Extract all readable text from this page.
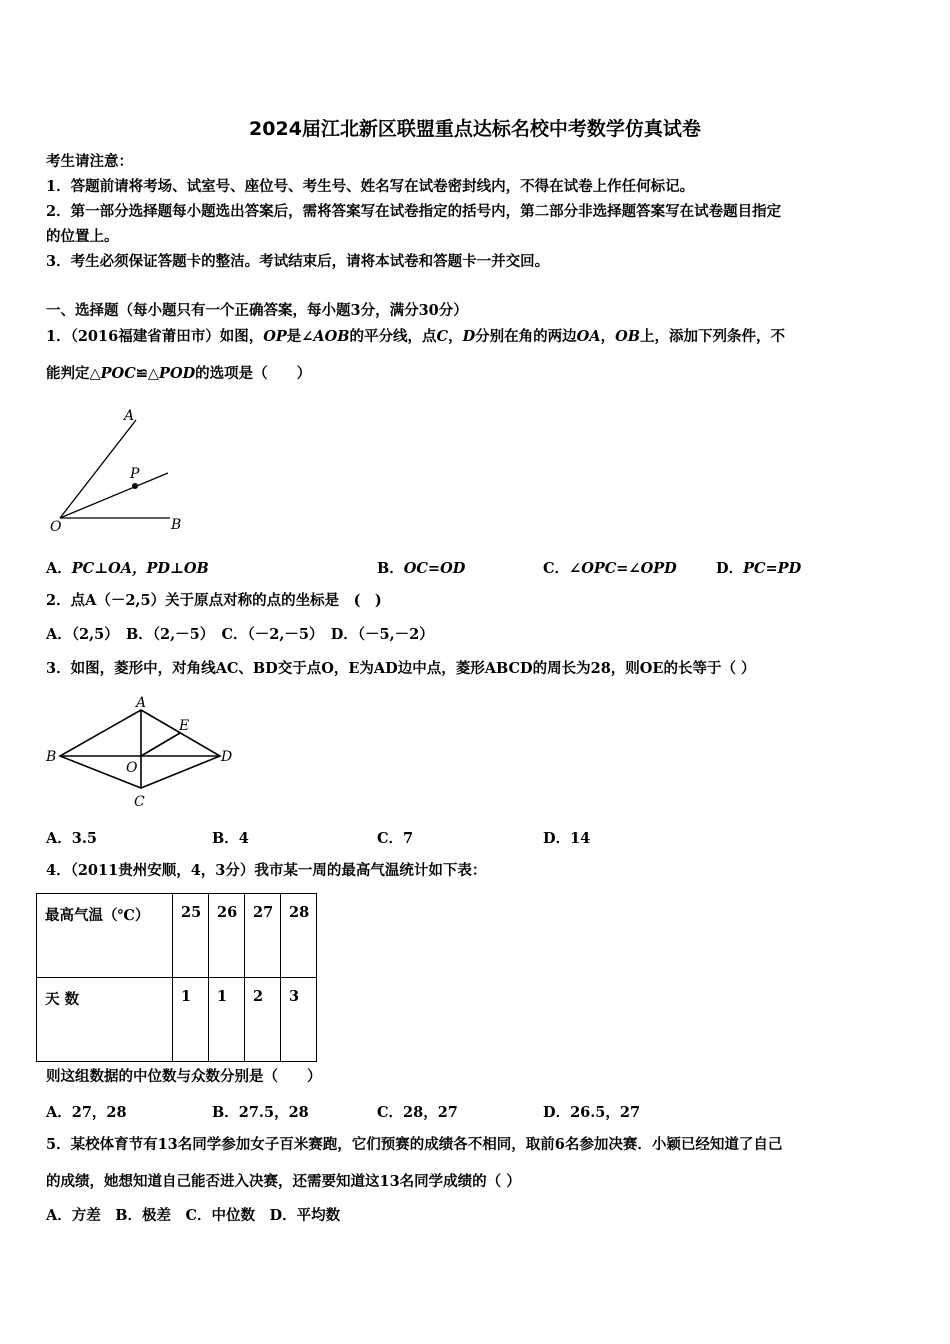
2024届江北新区联盟重点达标名校中考数学仿真试卷
考生请注意：
1．答题前请将考场、试室号、座位号、考生号、姓名写在试卷密封线内，不得在试卷上作任何标记。
2．第一部分选择题每小题选出答案后，需将答案写在试卷指定的括号内，第二部分非选择题答案写在试卷题目指定
的位置上。
3．考生必须保证答题卡的整洁。考试结束后，请将本试卷和答题卡一并交回。
一、选择题（每小题只有一个正确答案，每小题3分，满分30分）
1．（2016福建省莆田市）如图，OP是∠AOB的平分线，点C，D分别在角的两边OA，OB上，添加下列条件，不
能判定△POC≌△POD的选项是（　　）
A
P
O	B
A．PC⊥OA，PD⊥OB	B．OC=OD	C．∠OPC=∠OPD	D．PC=PD
2．点A（－2,5）关于原点对称的点的坐标是　(　)
A．（2,5）　B．（2,－5）　C．（－2,－5）　D．（－5,－2）
3．如图，菱形中，对角线AC、BD交于点O，E为AD边中点，菱形ABCD的周长为28，则OE的长等于（ ）
A
E
B
O
D
C
A．3.5	B．4	C．7	D．14
4．（2011贵州安顺，4，3分）我市某一周的最高气温统计如下表：
最高气温（℃）	25	26	27	28
天 数	1	1	2	3
则这组数据的中位数与众数分别是（　　）
A．27，28	B．27.5，28	C．28，27	D．26.5，27
5．某校体育节有13名同学参加女子百米赛跑，它们预赛的成绩各不相同，取前6名参加决赛．小颖已经知道了自己
的成绩，她想知道自己能否进入决赛，还需要知道这13名同学成绩的（ ）
A．方差　B．极差　C．中位数　D．平均数
